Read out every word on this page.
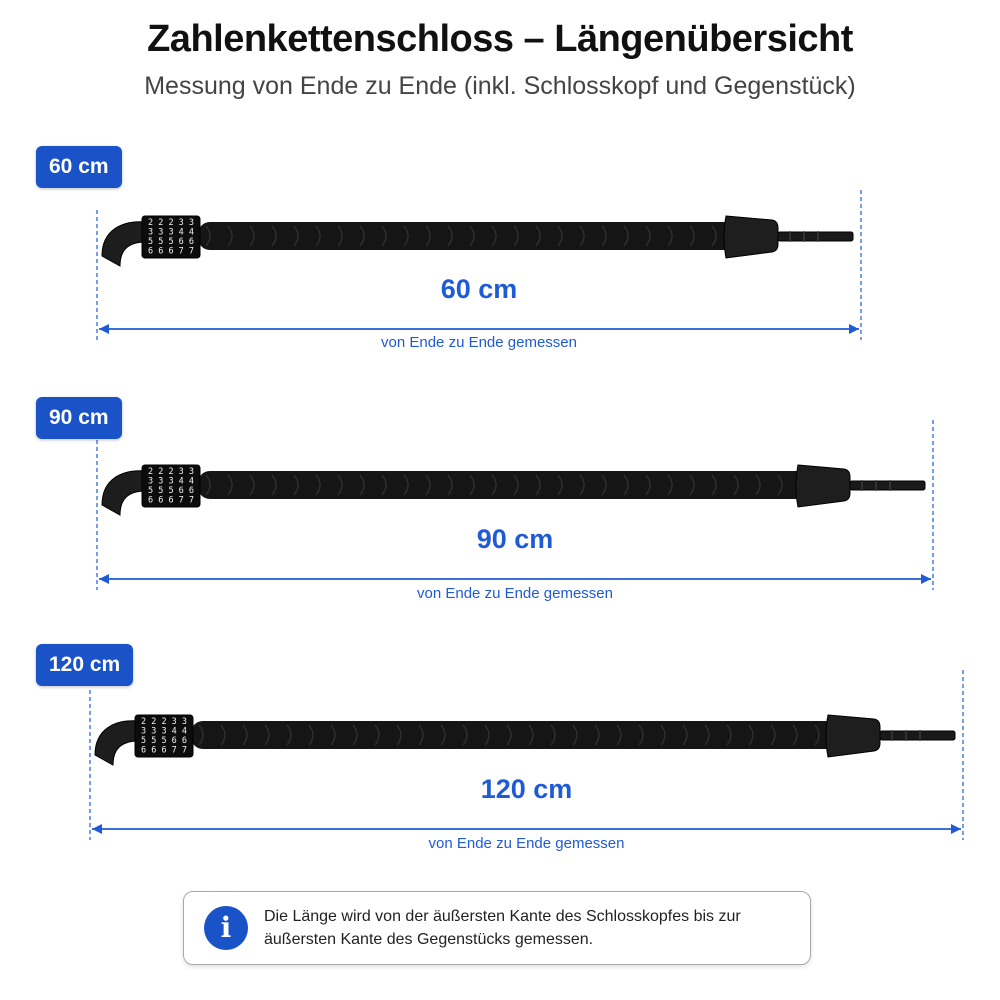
Zahlenkettenschloss – Längenübersicht
Messung von Ende zu Ende (inkl. Schlosskopf und Gegenstück)
2 2 2 3 3
3 3 3 4 4
5 5 5 6 6
6 6 6 7 7
2 2 2 3 3
3 3 3 4 4
5 5 5 6 6
6 6 6 7 7
2 2 2 3 3
3 3 3 4 4
5 5 5 6 6
6 6 6 7 7
60 cm
60 cm
von Ende zu Ende gemessen
90 cm
90 cm
von Ende zu Ende gemessen
120 cm
120 cm
von Ende zu Ende gemessen
i	Die Länge wird von der äußersten Kante des Schlosskopfes bis zur äußersten Kante des Gegenstücks gemessen.
